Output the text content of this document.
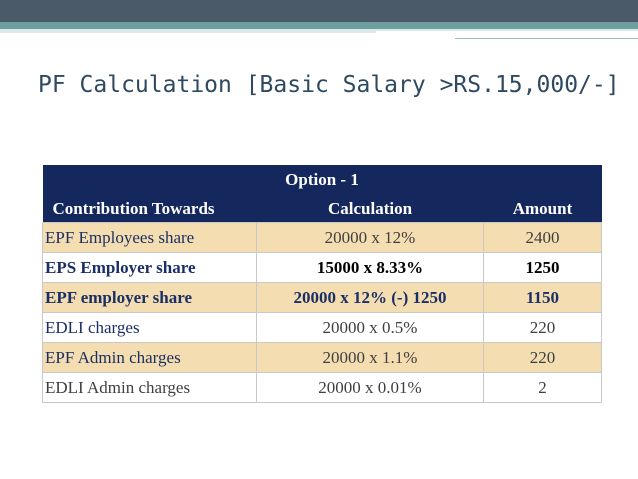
PF Calculation [Basic Salary >RS.15,000/-]
Option - 1		
Contribution Towards	Calculation	Amount
EPF Employees share	20000 x 12%	2400
EPS Employer share	15000 x 8.33%	1250
EPF employer share	20000 x 12% (-) 1250	1150
EDLI charges	20000 x 0.5%	220
EPF Admin charges	20000 x 1.1%	220
EDLI Admin charges	20000 x 0.01%	2
